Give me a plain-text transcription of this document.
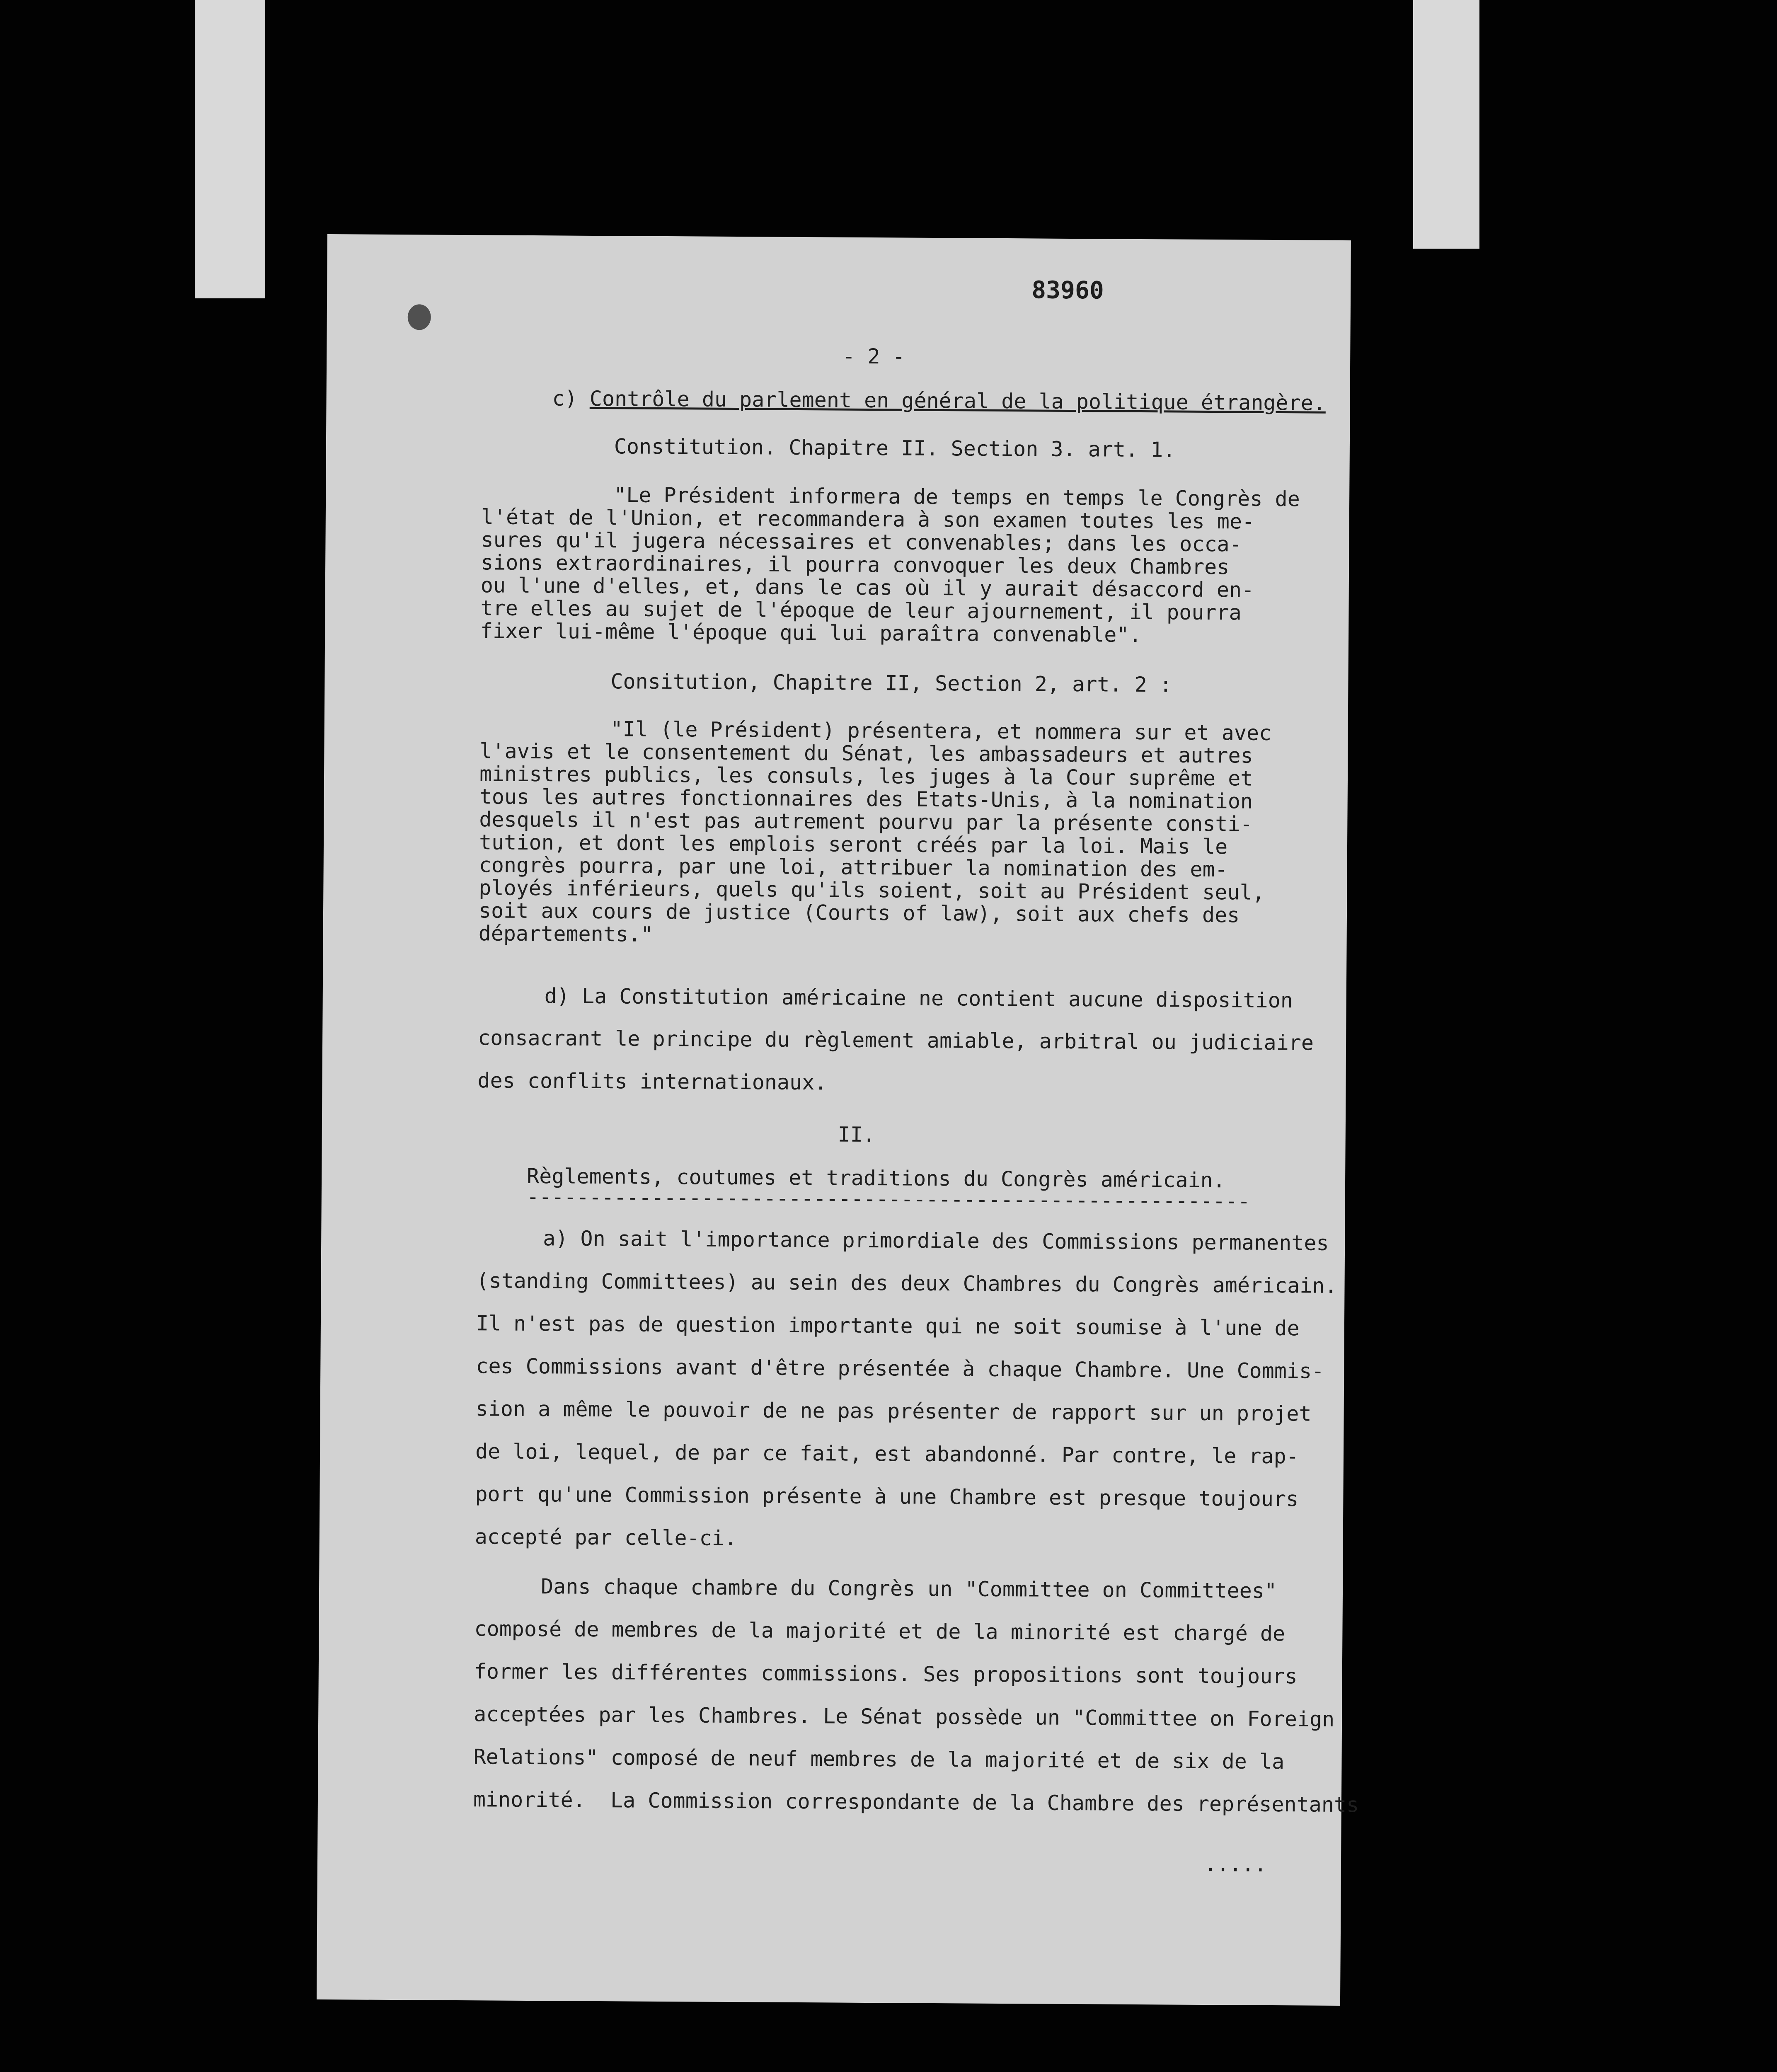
83960
- 2 -
c) Contrôle du parlement en général de la politique étrangère.
Constitution. Chapitre II. Section 3. art. 1.
"Le Président informera de temps en temps le Congrès de
l'état de l'Union, et recommandera à son examen toutes les me-
sures qu'il jugera nécessaires et convenables; dans les occa-
sions extraordinaires, il pourra convoquer les deux Chambres
ou l'une d'elles, et, dans le cas où il y aurait désaccord en-
tre elles au sujet de l'époque de leur ajournement, il pourra
fixer lui-même l'époque qui lui paraîtra convenable".
Consitution, Chapitre II, Section 2, art. 2 :
"Il (le Président) présentera, et nommera sur et avec
l'avis et le consentement du Sénat, les ambassadeurs et autres
ministres publics, les consuls, les juges à la Cour suprême et
tous les autres fonctionnaires des Etats-Unis, à la nomination
desquels il n'est pas autrement pourvu par la présente consti-
tution, et dont les emplois seront créés par la loi. Mais le
congrès pourra, par une loi, attribuer la nomination des em-
ployés inférieurs, quels qu'ils soient, soit au Président seul,
soit aux cours de justice (Courts of law), soit aux chefs des
départements."
d) La Constitution américaine ne contient aucune disposition
consacrant le principe du règlement amiable, arbitral ou judiciaire
des conflits internationaux.
II.
Règlements, coutumes et traditions du Congrès américain.
----------------------------------------------------------
a) On sait l'importance primordiale des Commissions permanentes
(standing Committees) au sein des deux Chambres du Congrès américain.
Il n'est pas de question importante qui ne soit soumise à l'une de
ces Commissions avant d'être présentée à chaque Chambre. Une Commis-
sion a même le pouvoir de ne pas présenter de rapport sur un projet
de loi, lequel, de par ce fait, est abandonné. Par contre, le rap-
port qu'une Commission présente à une Chambre est presque toujours
accepté par celle-ci.
Dans chaque chambre du Congrès un "Committee on Committees"
composé de membres de la majorité et de la minorité est chargé de
former les différentes commissions. Ses propositions sont toujours
acceptées par les Chambres. Le Sénat possède un "Committee on Foreign
Relations" composé de neuf membres de la majorité et de six de la
minorité.  La Commission correspondante de la Chambre des représentants
.....
